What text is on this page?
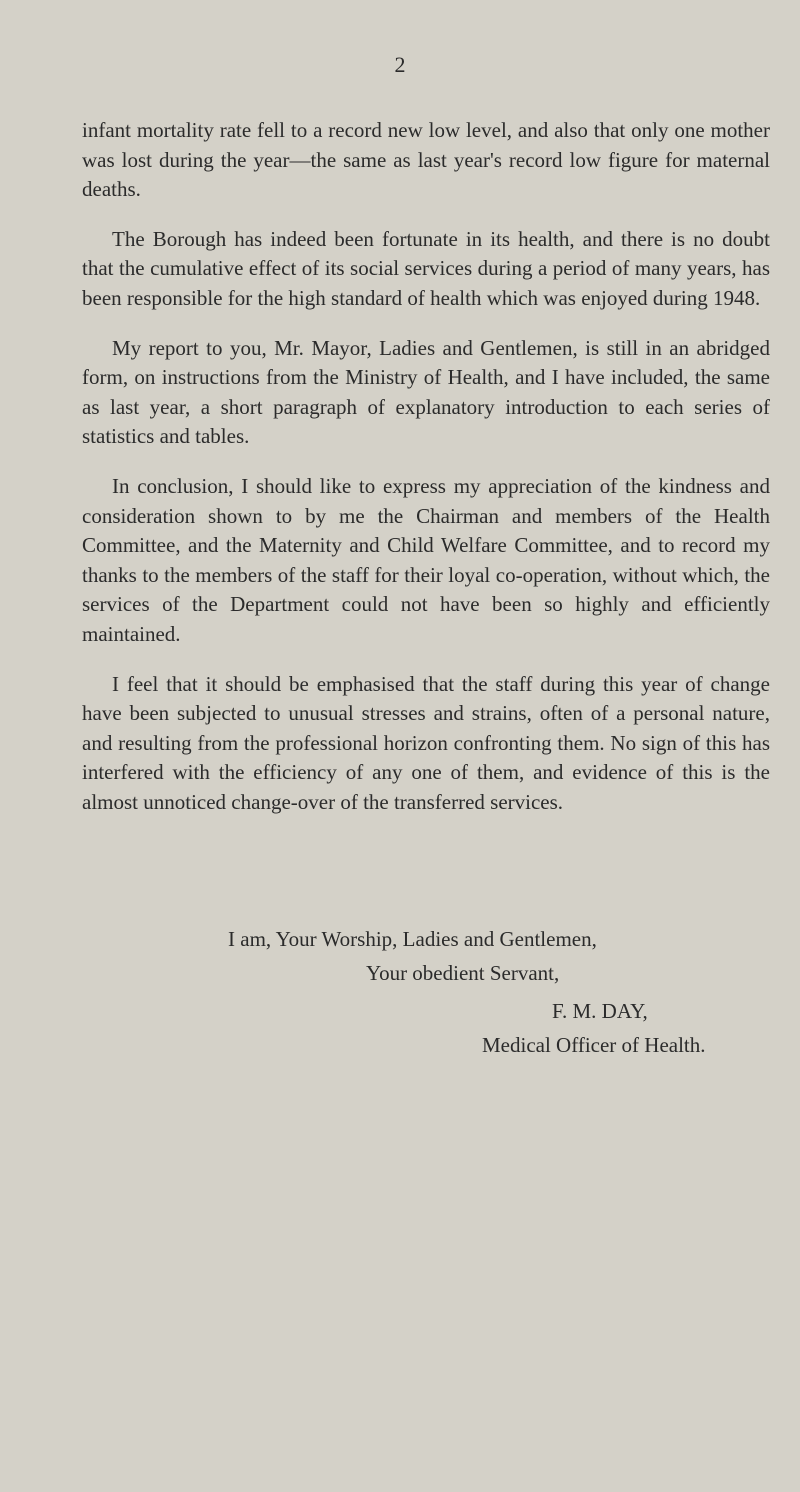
2

infant mortality rate fell to a record new low level, and also that only one mother was lost during the year—the same as last year's record low figure for maternal deaths.

The Borough has indeed been fortunate in its health, and there is no doubt that the cumulative effect of its social services during a period of many years, has been responsible for the high standard of health which was enjoyed during 1948.

My report to you, Mr. Mayor, Ladies and Gentlemen, is still in an abridged form, on instructions from the Ministry of Health, and I have included, the same as last year, a short paragraph of explanatory introduction to each series of statistics and tables.

In conclusion, I should like to express my appreciation of the kindness and consideration shown to by me the Chairman and members of the Health Committee, and the Maternity and Child Welfare Committee, and to record my thanks to the members of the staff for their loyal co-operation, without which, the services of the Department could not have been so highly and efficiently maintained.

I feel that it should be emphasised that the staff during this year of change have been subjected to unusual stresses and strains, often of a personal nature, and resulting from the professional horizon confronting them. No sign of this has interfered with the efficiency of any one of them, and evidence of this is the almost unnoticed change-over of the transferred services.

I am, Your Worship, Ladies and Gentlemen,
Your obedient Servant,
F. M. DAY,
Medical Officer of Health.
